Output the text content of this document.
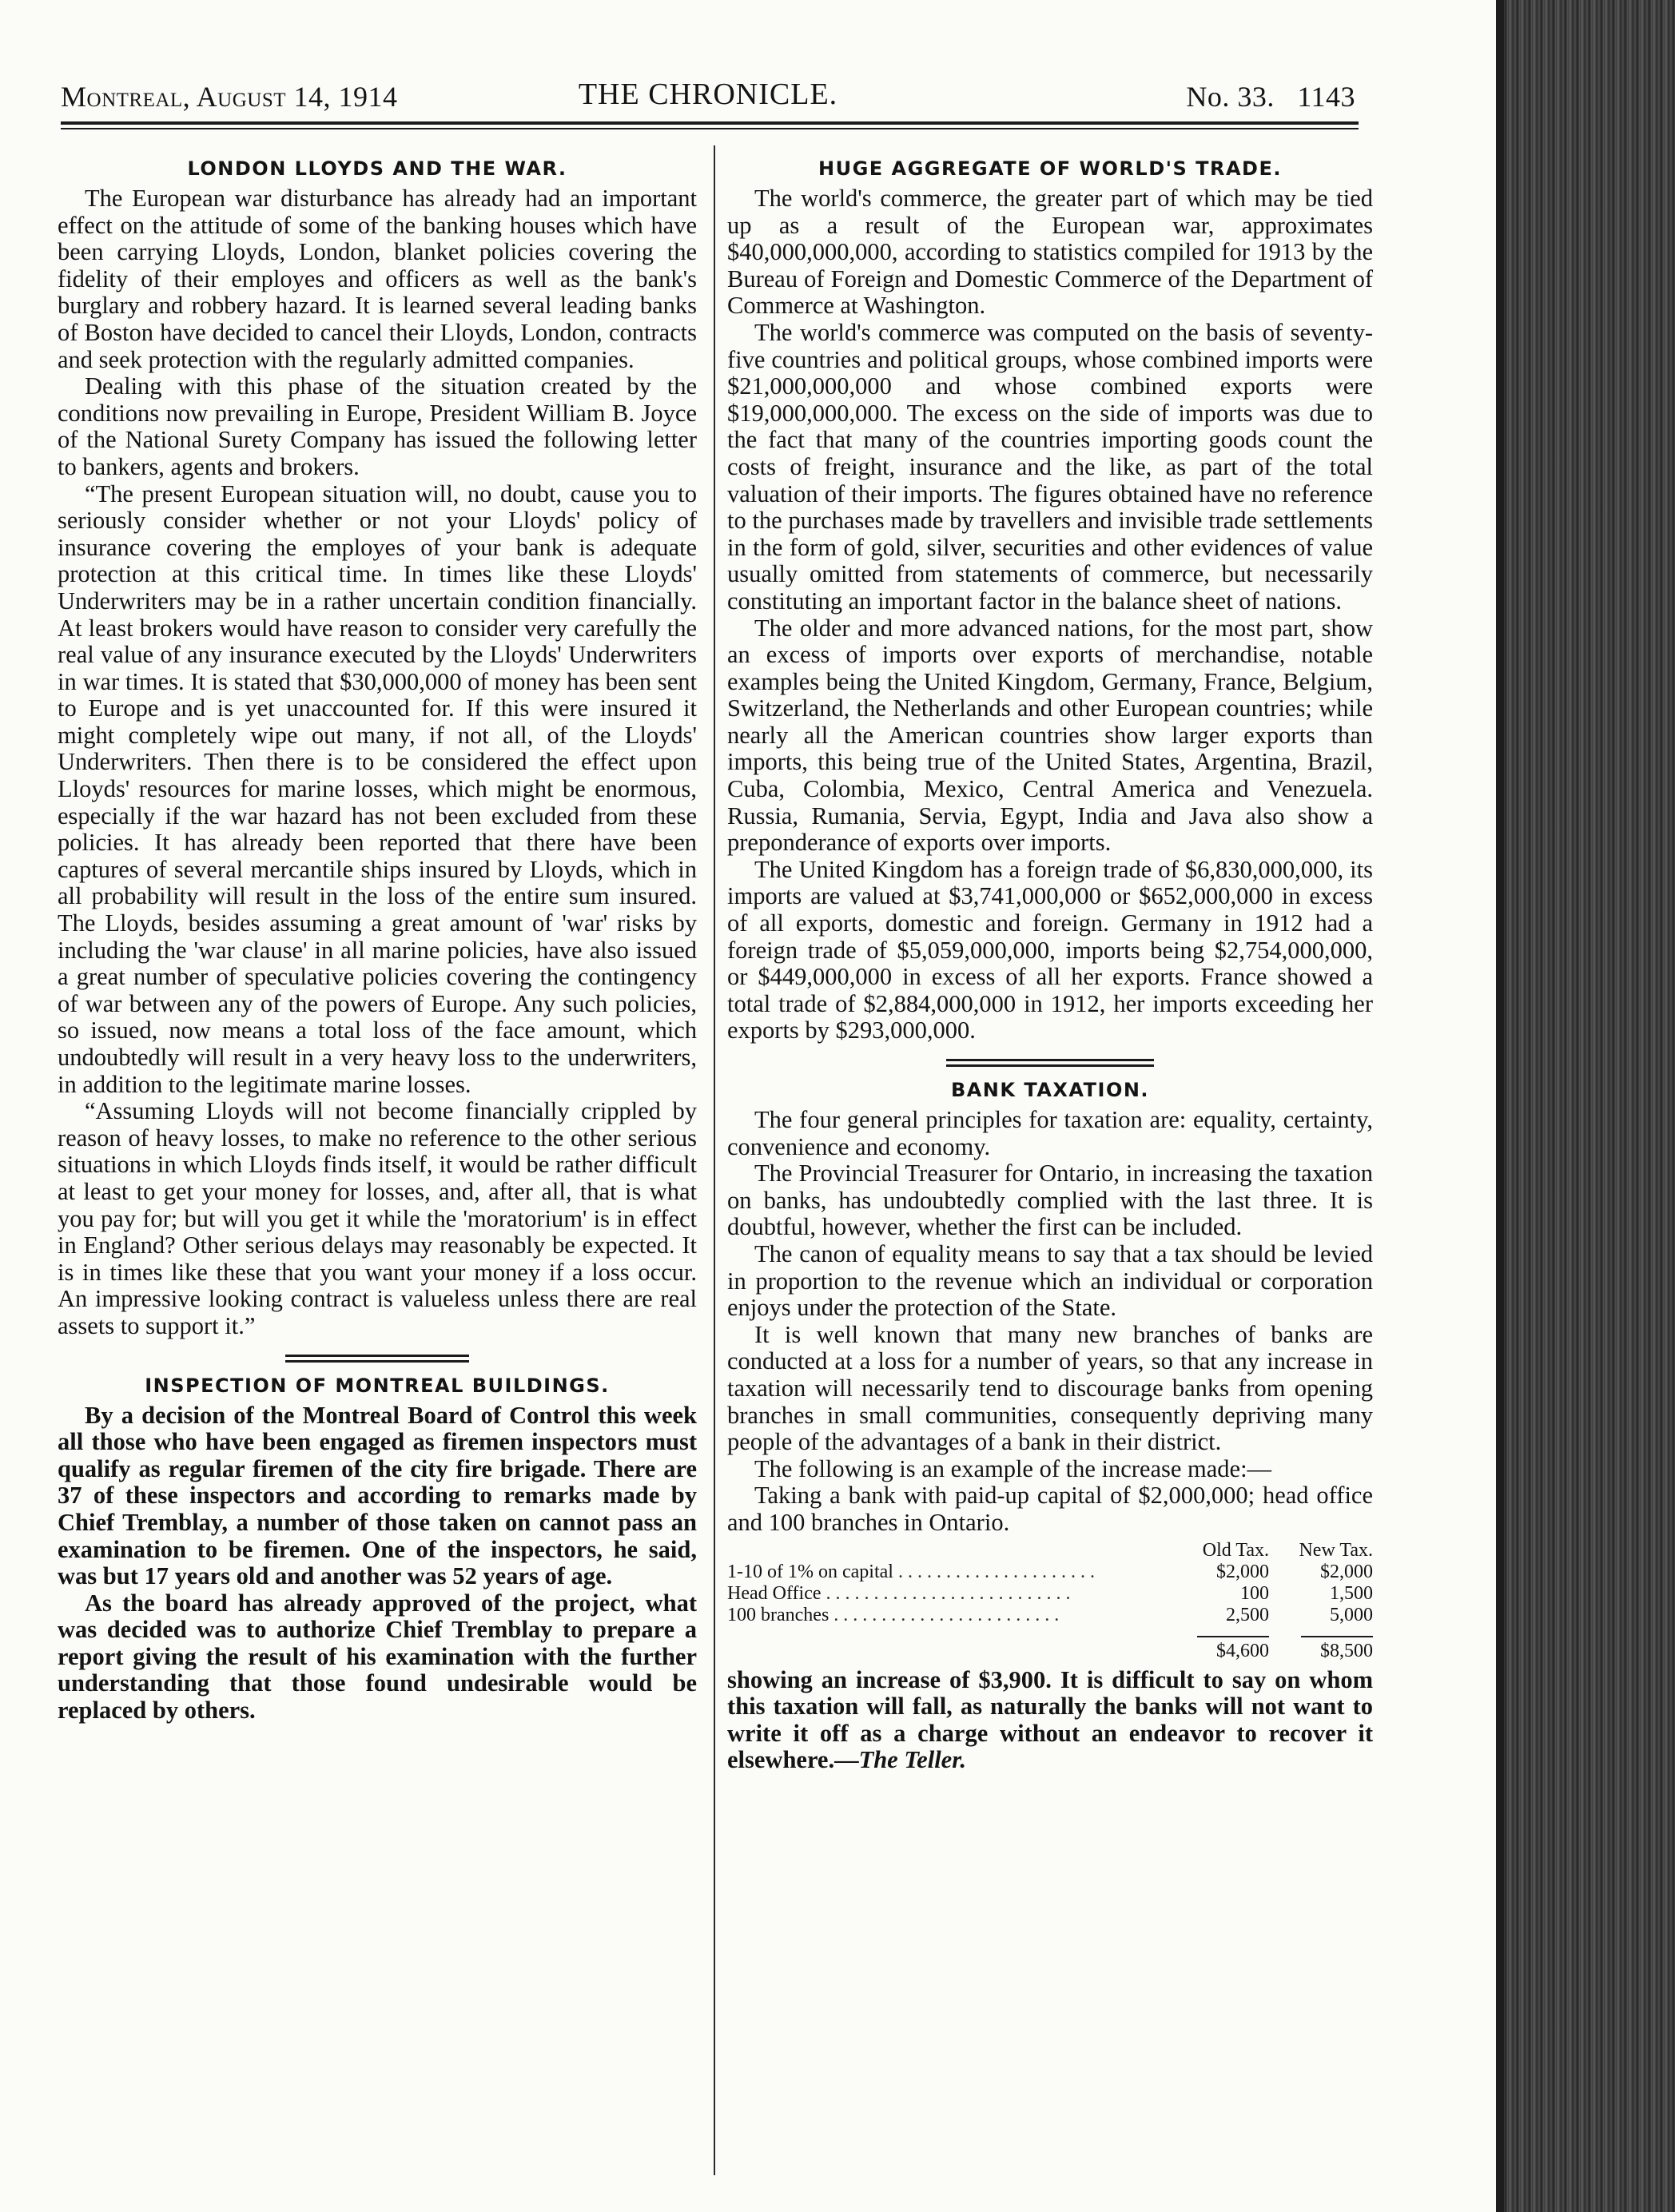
Montreal, August 14, 1914	THE CHRONICLE.	No. 33.   1143
LONDON LLOYDS AND THE WAR.

The European war disturbance has already had an important effect on the attitude of some of the banking houses which have been carrying Lloyds, London, blanket policies covering the fidelity of their employes and officers as well as the bank's burglary and robbery hazard. It is learned several leading banks of Boston have decided to cancel their Lloyds, London, contracts and seek protection with the regularly admitted companies.

Dealing with this phase of the situation created by the conditions now prevailing in Europe, President William B. Joyce of the National Surety Company has issued the following letter to bankers, agents and brokers.

“The present European situation will, no doubt, cause you to seriously consider whether or not your Lloyds' policy of insurance covering the employes of your bank is adequate protection at this critical time. In times like these Lloyds' Underwriters may be in a rather uncertain condition financially. At least brokers would have reason to consider very carefully the real value of any insurance executed by the Lloyds' Underwriters in war times. It is stated that $30,000,000 of money has been sent to Europe and is yet unaccounted for. If this were insured it might completely wipe out many, if not all, of the Lloyds' Underwriters. Then there is to be considered the effect upon Lloyds' resources for marine losses, which might be enormous, especially if the war hazard has not been excluded from these policies. It has already been reported that there have been captures of several mercantile ships insured by Lloyds, which in all probability will result in the loss of the entire sum insured. The Lloyds, besides assuming a great amount of 'war' risks by including the 'war clause' in all marine policies, have also issued a great number of speculative policies covering the contingency of war between any of the powers of Europe. Any such policies, so issued, now means a total loss of the face amount, which undoubtedly will result in a very heavy loss to the underwriters, in addition to the legitimate marine losses.

“Assuming Lloyds will not become financially crippled by reason of heavy losses, to make no reference to the other serious situations in which Lloyds finds itself, it would be rather difficult at least to get your money for losses, and, after all, that is what you pay for; but will you get it while the 'moratorium' is in effect in England? Other serious delays may reasonably be expected. It is in times like these that you want your money if a loss occur. An impressive looking contract is valueless unless there are real assets to support it.”

INSPECTION OF MONTREAL BUILDINGS.

By a decision of the Montreal Board of Control this week all those who have been engaged as firemen inspectors must qualify as regular firemen of the city fire brigade. There are 37 of these inspectors and according to remarks made by Chief Tremblay, a number of those taken on cannot pass an examination to be firemen. One of the inspectors, he said, was but 17 years old and another was 52 years of age.

As the board has already approved of the project, what was decided was to authorize Chief Tremblay to prepare a report giving the result of his examination with the further understanding that those found undesirable would be replaced by others.

HUGE AGGREGATE OF WORLD'S TRADE.

The world's commerce, the greater part of which may be tied up as a result of the European war, approximates $40,000,000,000, according to statistics compiled for 1913 by the Bureau of Foreign and Domestic Commerce of the Department of Commerce at Washington.

The world's commerce was computed on the basis of seventy-five countries and political groups, whose combined imports were $21,000,000,000 and whose combined exports were $19,000,000,000. The excess on the side of imports was due to the fact that many of the countries importing goods count the costs of freight, insurance and the like, as part of the total valuation of their imports. The figures obtained have no reference to the purchases made by travellers and invisible trade settlements in the form of gold, silver, securities and other evidences of value usually omitted from statements of commerce, but necessarily constituting an important factor in the balance sheet of nations.

The older and more advanced nations, for the most part, show an excess of imports over exports of merchandise, notable examples being the United Kingdom, Germany, France, Belgium, Switzerland, the Netherlands and other European countries; while nearly all the American countries show larger exports than imports, this being true of the United States, Argentina, Brazil, Cuba, Colombia, Mexico, Central America and Venezuela. Russia, Rumania, Servia, Egypt, India and Java also show a preponderance of exports over imports.

The United Kingdom has a foreign trade of $6,830,000,000, its imports are valued at $3,741,000,000 or $652,000,000 in excess of all exports, domestic and foreign. Germany in 1912 had a foreign trade of $5,059,000,000, imports being $2,754,000,000, or $449,000,000 in excess of all her exports. France showed a total trade of $2,884,000,000 in 1912, her imports exceeding her exports by $293,000,000.

BANK TAXATION.

The four general principles for taxation are: equality, certainty, convenience and economy.

The Provincial Treasurer for Ontario, in increasing the taxation on banks, has undoubtedly complied with the last three. It is doubtful, however, whether the first can be included.

The canon of equality means to say that a tax should be levied in proportion to the revenue which an individual or corporation enjoys under the protection of the State.

It is well known that many new branches of banks are conducted at a loss for a number of years, so that any increase in taxation will necessarily tend to discourage banks from opening branches in small communities, consequently depriving many people of the advantages of a bank in their district.

The following is an example of the increase made:—

Taking a bank with paid-up capital of $2,000,000; head office and 100 branches in Ontario.

	Old Tax.	New Tax.
1-10 of 1% on capital . . . . . . . . . . . . . . . . . . . . .	$2,000	$2,000
Head Office . . . . . . . . . . . . . . . . . . . . . . . . . .	100	1,500
100 branches . . . . . . . . . . . . . . . . . . . . . . . .	2,500	5,000
	$4,600	$8,500

showing an increase of $3,900. It is difficult to say on whom this taxation will fall, as naturally the banks will not want to write it off as a charge without an endeavor to recover it elsewhere.—The Teller.
